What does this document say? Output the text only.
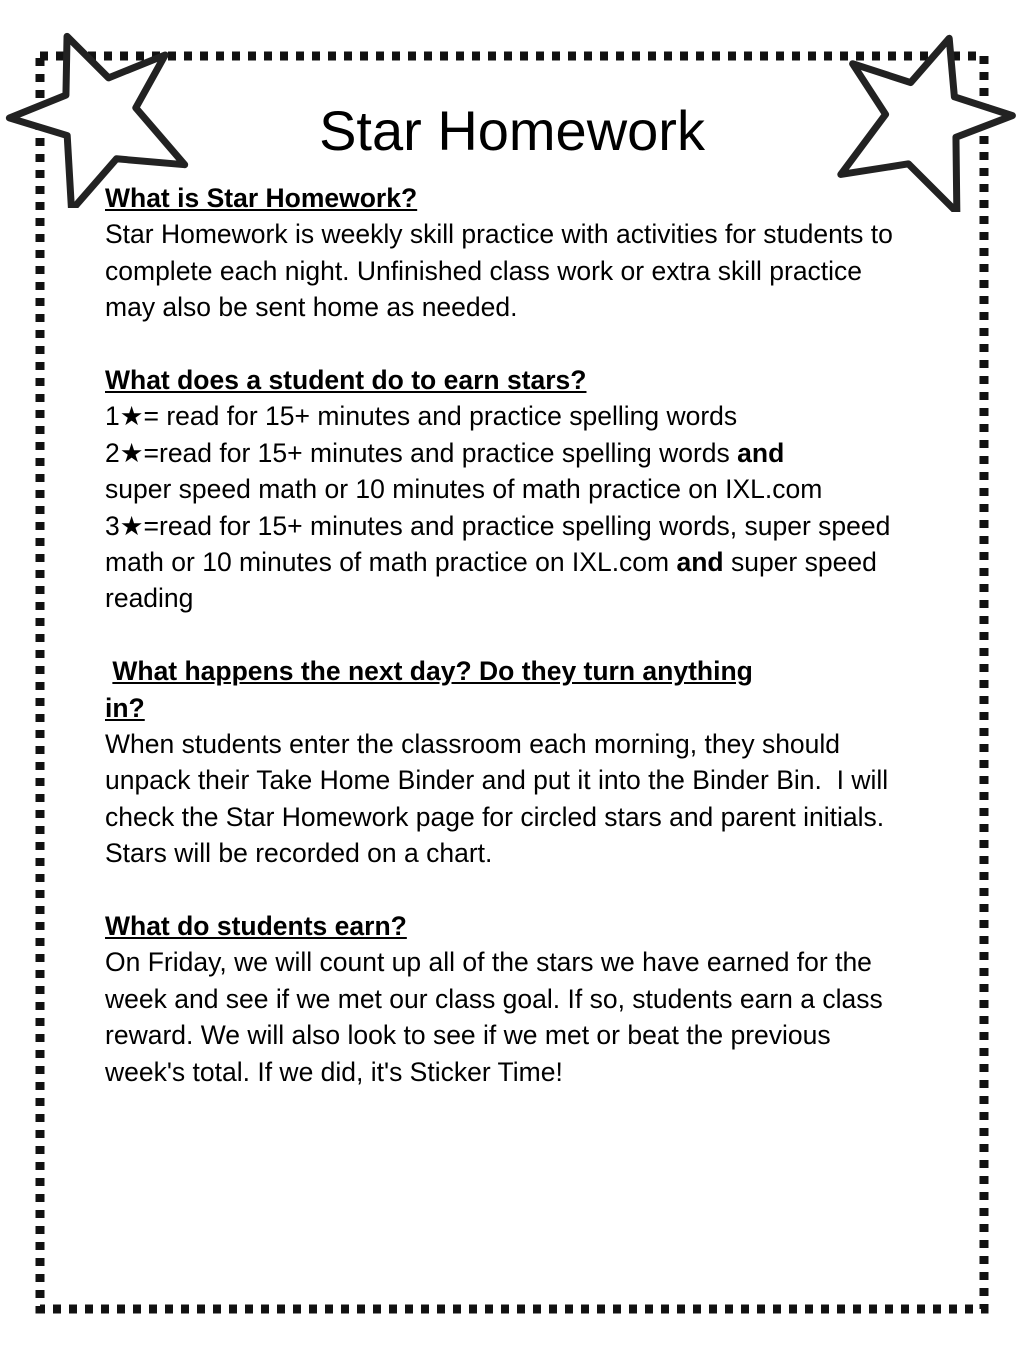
Star Homework
What is Star Homework?
Star Homework is weekly skill practice with activities for students to complete each night. Unfinished class work or extra skill practice may also be sent home as needed.
What does a student do to earn stars?
1★= read for 15+ minutes and practice spelling words
2★=read for 15+ minutes and practice spelling words and
super speed math or 10 minutes of math practice on IXL.com
3★=read for 15+ minutes and practice spelling words, super speed math or 10 minutes of math practice on IXL.com and super speed reading
What happens the next day? Do they turn anything
in?
When students enter the classroom each morning, they should unpack their Take Home Binder and put it into the Binder Bin.  I will check the Star Homework page for circled stars and parent initials. Stars will be recorded on a chart.
What do students earn?
On Friday, we will count up all of the stars we have earned for the week and see if we met our class goal. If so, students earn a class reward. We will also look to see if we met or beat the previous week's total. If we did, it's Sticker Time!
